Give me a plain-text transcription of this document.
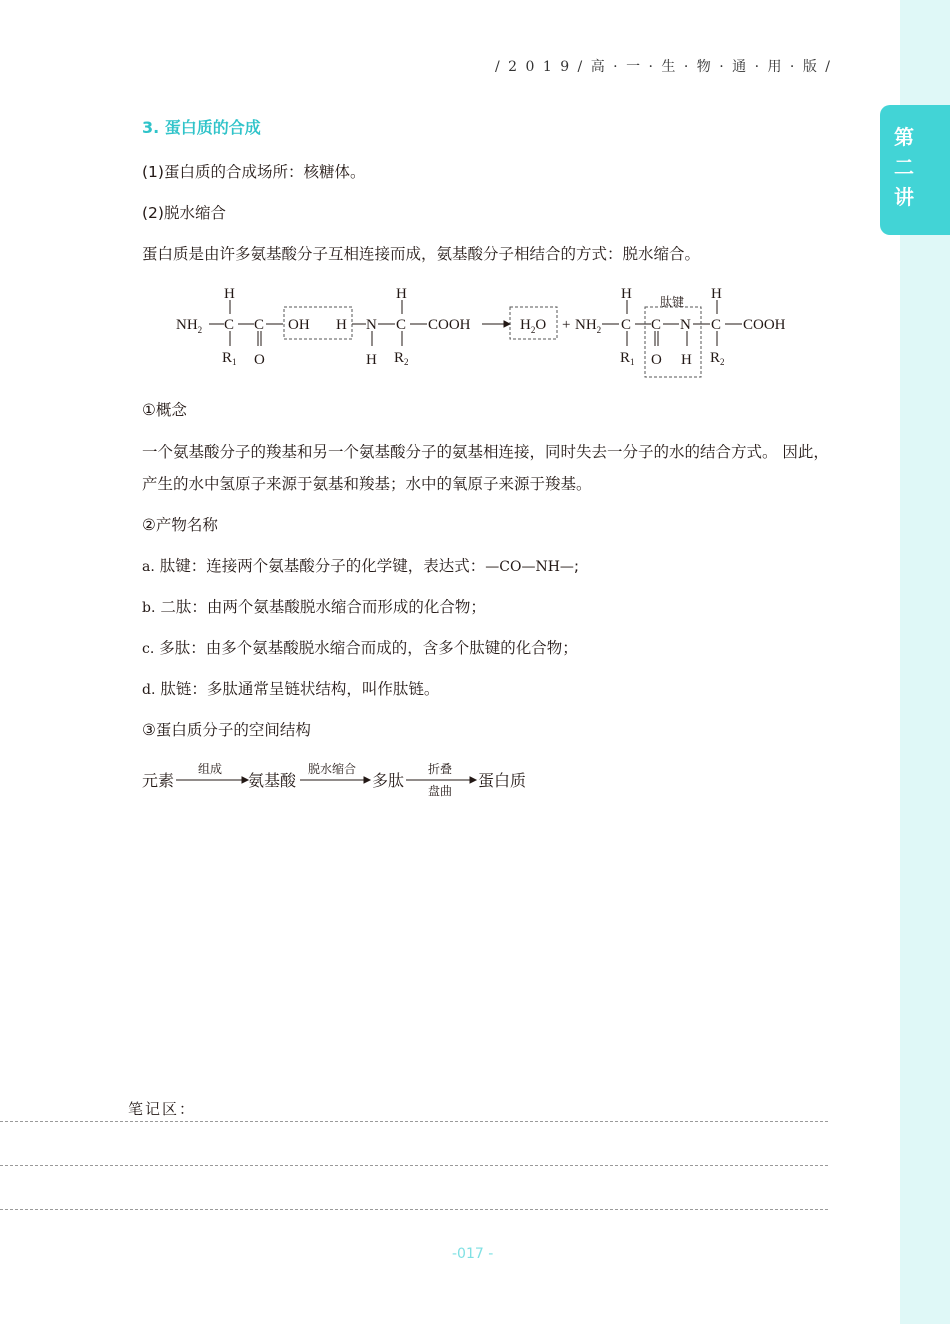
第二讲
/ 2 0 1 9 / 高 · 一 · 生 · 物 · 通 · 用 · 版 /
3. 蛋白质的合成
(1)蛋白质的合成场所：核糖体。
(2)脱水缩合
蛋白质是由许多氨基酸分子互相连接而成，氨基酸分子相结合的方式：脱水缩合。
$NH_2$
H
C
$R_1$
C
O
OH H N
H
H
C
$R_2$
COOH	$H_2O + NH_2$
H
C
$R_1$
C
O
N
H
H
C
$R_2$
COOH
肽键
①概念
一个氨基酸分子的羧基和另一个氨基酸分子的氨基相连接，同时失去一分子的水的结合方式。 因此，产生的水中氢原子来源于氨基和羧基；水中的氧原子来源于羧基。
②产物名称
a. 肽键：连接两个氨基酸分子的化学键，表达式：—CO—NH—;
b. 二肽：由两个氨基酸脱水缩合而形成的化合物；
c. 多肽：由多个氨基酸脱水缩合而成的，含多个肽键的化合物；
d. 肽链：多肽通常呈链状结构，叫作肽链。
③蛋白质分子的空间结构
元素
组成
氨基酸
脱水缩合
多肽
折叠
盘曲
蛋白质
笔记区：
-017 -
